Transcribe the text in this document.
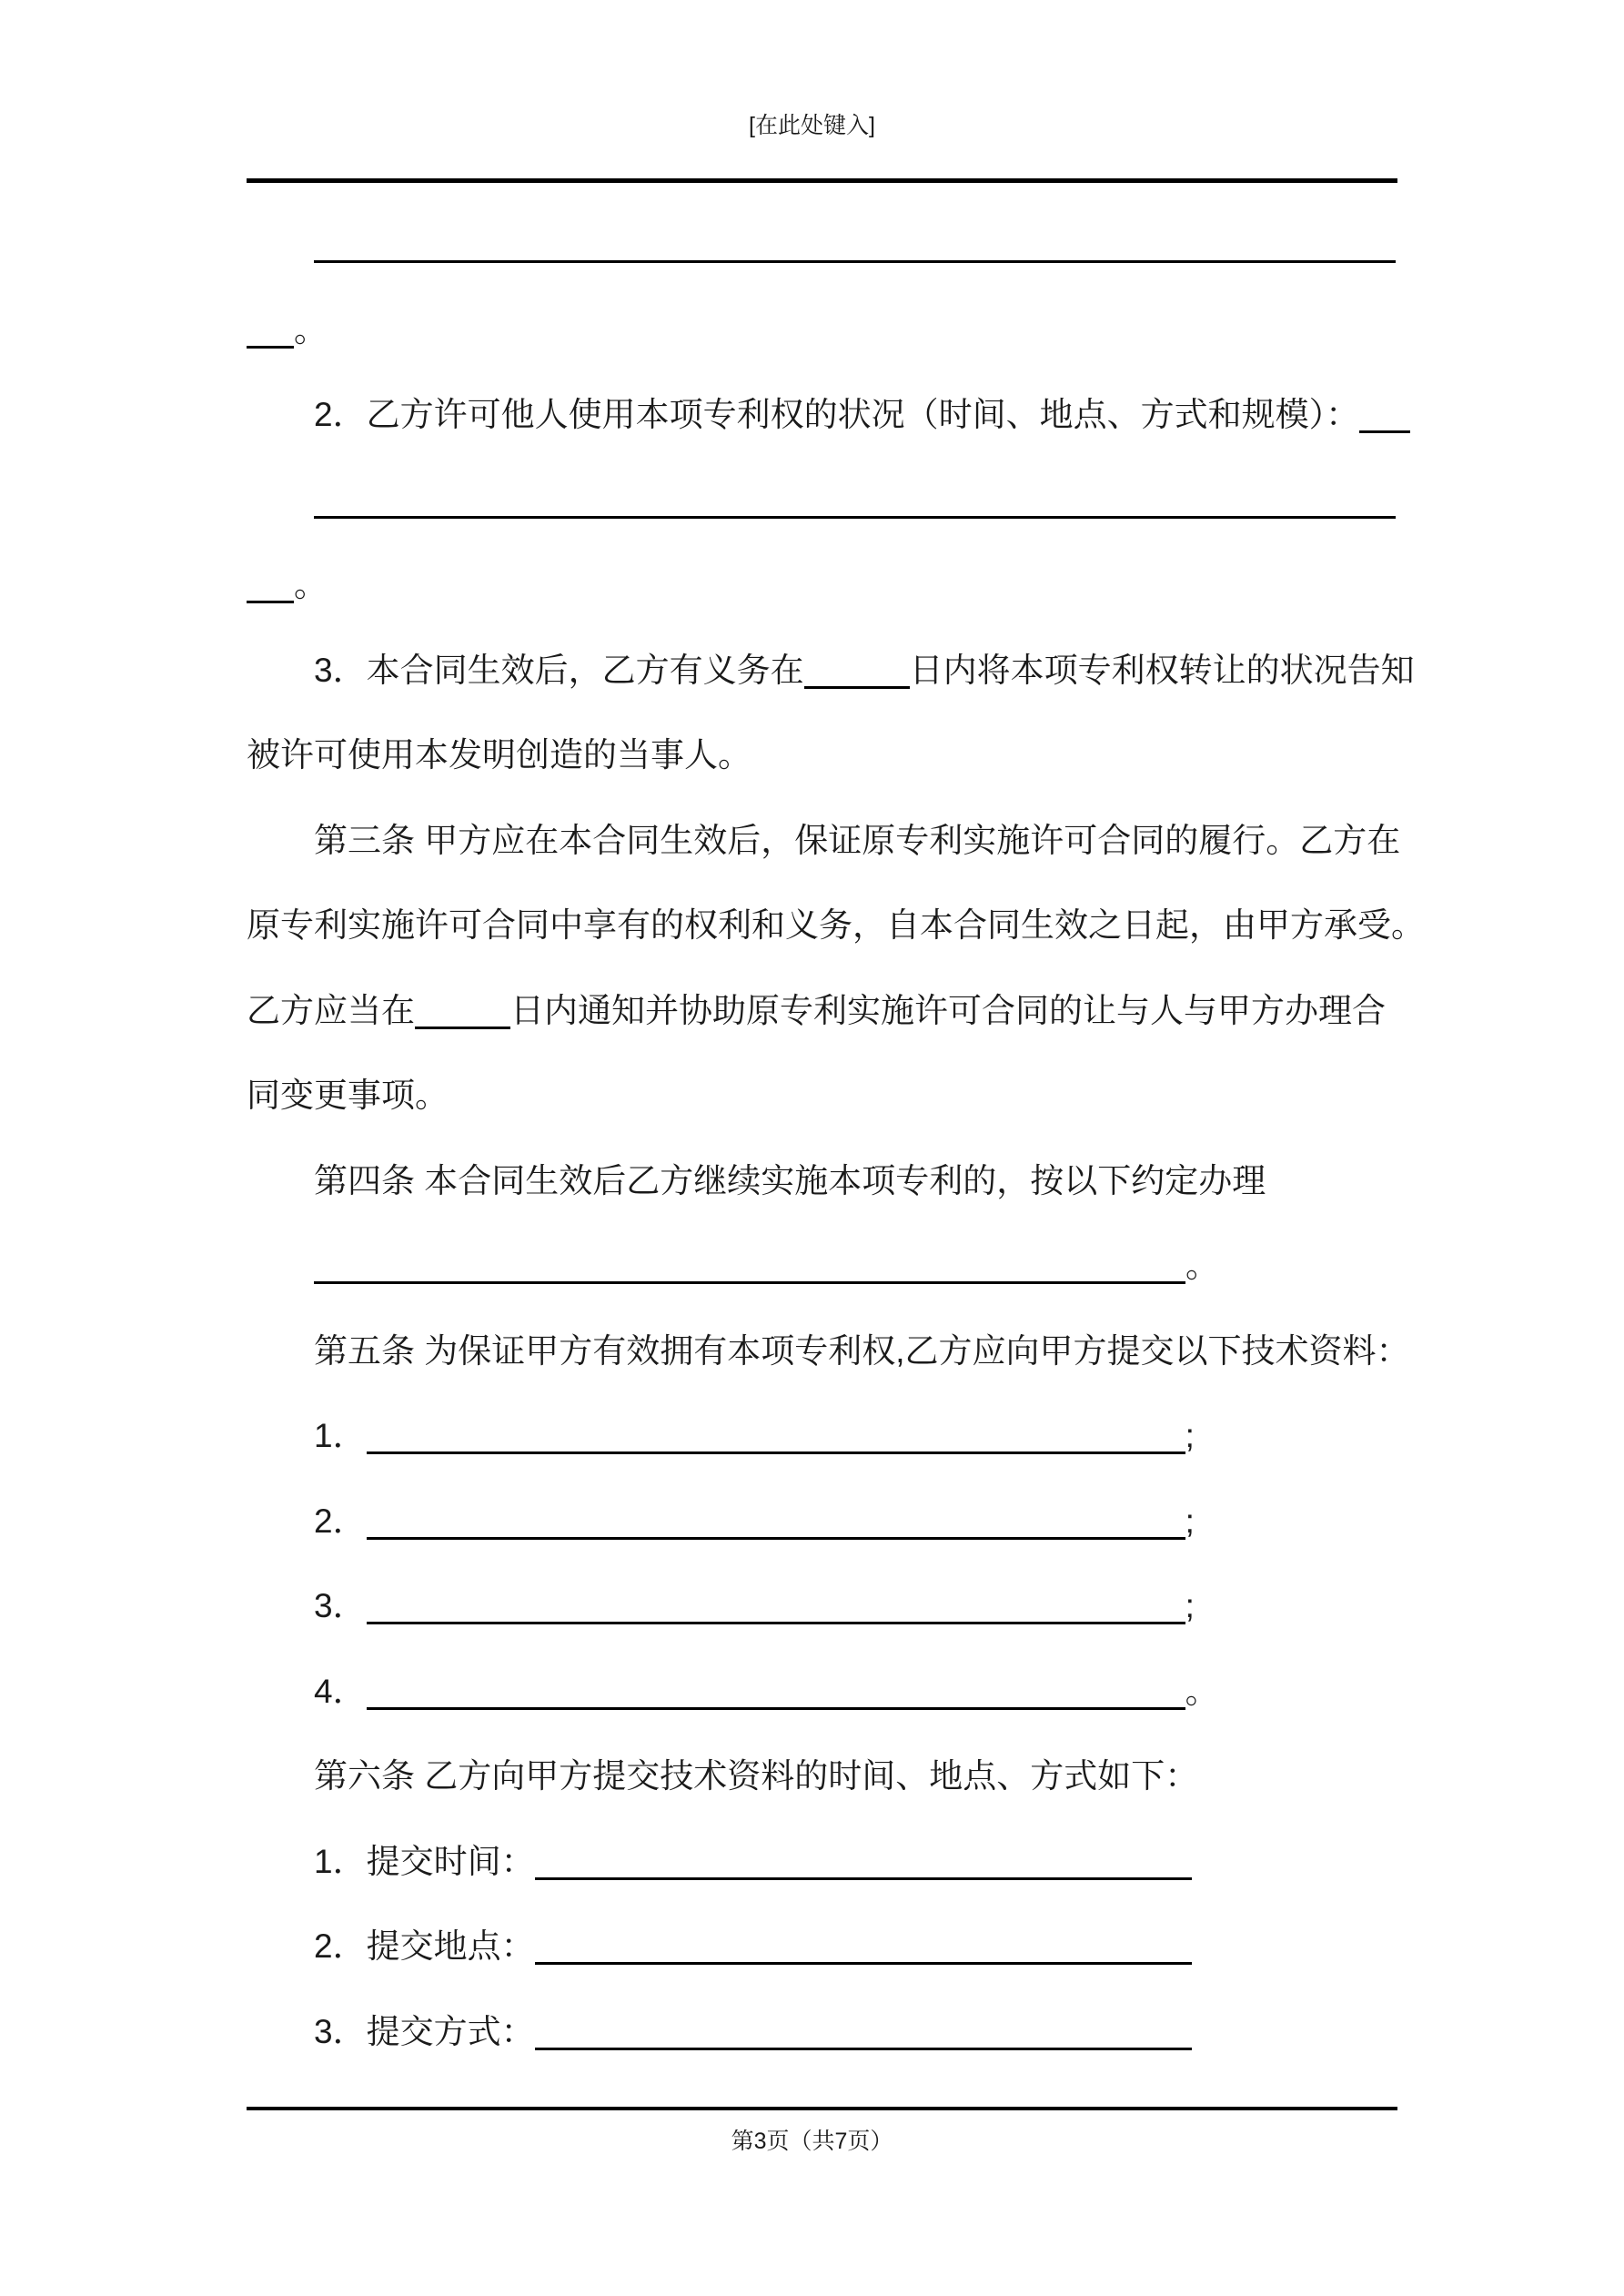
[在此处键入]
。
2．乙方许可他人使用本项专利权的状况（时间、地点、方式和规模）：
。
3．本合同生效后，乙方有义务在	日内将本项专利权转让的状况告知
被许可使用本发明创造的当事人。
第三条 甲方应在本合同生效后，保证原专利实施许可合同的履行。乙方在
原专利实施许可合同中享有的权利和义务，自本合同生效之日起，由甲方承受。
乙方应当在	日内通知并协助原专利实施许可合同的让与人与甲方办理合
同变更事项。
第四条 本合同生效后乙方继续实施本项专利的，按以下约定办理
。
第五条 为保证甲方有效拥有本项专利权,乙方应向甲方提交以下技术资料：
1．	;
2．	;
3．	;
4．	。
第六条 乙方向甲方提交技术资料的时间、地点、方式如下：
1．提交时间：
2．提交地点：
3．提交方式：
第3页（共7页）
